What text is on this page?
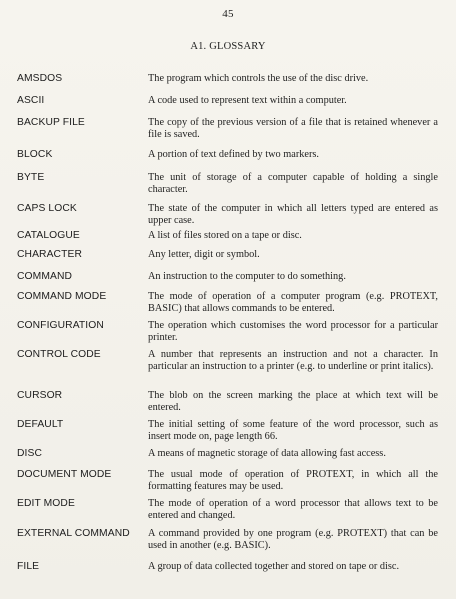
45
A1. GLOSSARY
AMSDOS	The program which controls the use of the disc drive.
ASCII	A code used to represent text within a computer.
BACKUP FILE	The copy of the previous version of a file that is retained whenever a file is saved.
BLOCK	A portion of text defined by two markers.
BYTE	The unit of storage of a computer capable of holding a single character.
CAPS LOCK	The state of the computer in which all letters typed are entered as upper case.
CATALOGUE	A list of files stored on a tape or disc.
CHARACTER	Any letter, digit or symbol.
COMMAND	An instruction to the computer to do something.
COMMAND MODE	The mode of operation of a computer program (e.g. PROTEXT, BASIC) that allows commands to be entered.
CONFIGURATION	The operation which customises the word processor for a particular printer.
CONTROL CODE	A number that represents an instruction and not a character. In particular an instruction to a printer (e.g. to underline or print italics).
CURSOR	The blob on the screen marking the place at which text will be entered.
DEFAULT	The initial setting of some feature of the word processor, such as insert mode on, page length 66.
DISC	A means of magnetic storage of data allowing fast access.
DOCUMENT MODE	The usual mode of operation of PROTEXT, in which all the formatting features may be used.
EDIT MODE	The mode of operation of a word processor that allows text to be entered and changed.
EXTERNAL COMMAND	A command provided by one program (e.g. PROTEXT) that can be used in another (e.g. BASIC).
FILE	A group of data collected together and stored on tape or disc.
